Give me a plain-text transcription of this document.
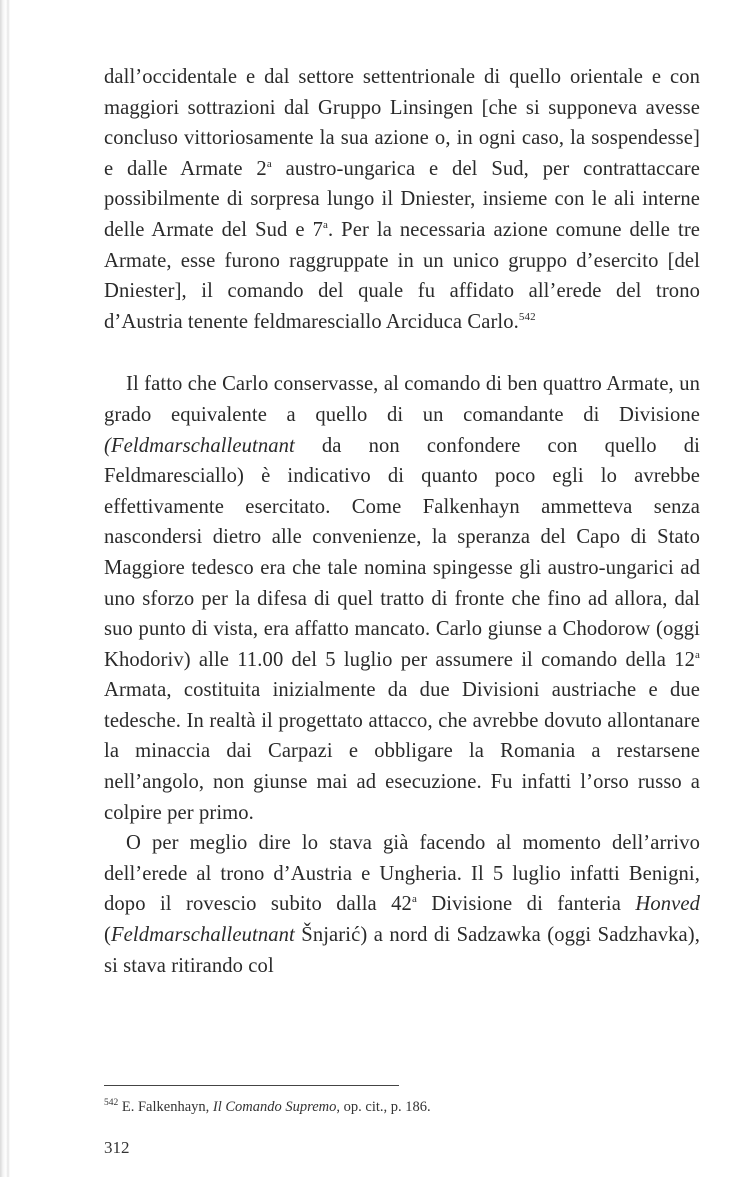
dall’occidentale e dal settore settentrionale di quello orientale e con maggiori sottrazioni dal Gruppo Linsingen [che si supponeva avesse concluso vittoriosamente la sua azione o, in ogni caso, la sospendesse] e dalle Armate 2$^a$ austro-ungarica e del Sud, per contrattaccare possibilmente di sorpresa lungo il Dniester, insieme con le ali interne delle Armate del Sud e 7$^a$. Per la necessaria azione comune delle tre Armate, esse furono raggruppate in un unico gruppo d’esercito [del Dniester], il comando del quale fu affidato all’erede del trono d’Austria tenente feldmaresciallo Arciduca Carlo.$^{542}$

Il fatto che Carlo conservasse, al comando di ben quattro Armate, un grado equivalente a quello di un comandante di Divisione (Feldmarschalleutnant da non confondere con quello di Feldmaresciallo) è indicativo di quanto poco egli lo avrebbe effettivamente esercitato. Come Falkenhayn ammetteva senza nascondersi dietro alle convenienze, la speranza del Capo di Stato Maggiore tedesco era che tale nomina spingesse gli austro-ungarici ad uno sforzo per la difesa di quel tratto di fronte che fino ad allora, dal suo punto di vista, era affatto mancato. Carlo giunse a Chodorow (oggi Khodoriv) alle 11.00 del 5 luglio per assumere il comando della 12$^a$ Armata, costituita inizialmente da due Divisioni austriache e due tedesche. In realtà il progettato attacco, che avrebbe dovuto allontanare la minaccia dai Carpazi e obbligare la Romania a restarsene nell’angolo, non giunse mai ad esecuzione. Fu infatti l’orso russo a colpire per primo.

O per meglio dire lo stava già facendo al momento dell’arrivo dell’erede al trono d’Austria e Ungheria. Il 5 luglio infatti Benigni, dopo il rovescio subito dalla 42$^a$ Divisione di fanteria Honved (Feldmarschalleutnant Šnjarić) a nord di Sadzawka (oggi Sadzhavka), si stava ritirando col

$^{542}$ E. Falkenhayn, Il Comando Supremo, op. cit., p. 186.
312
